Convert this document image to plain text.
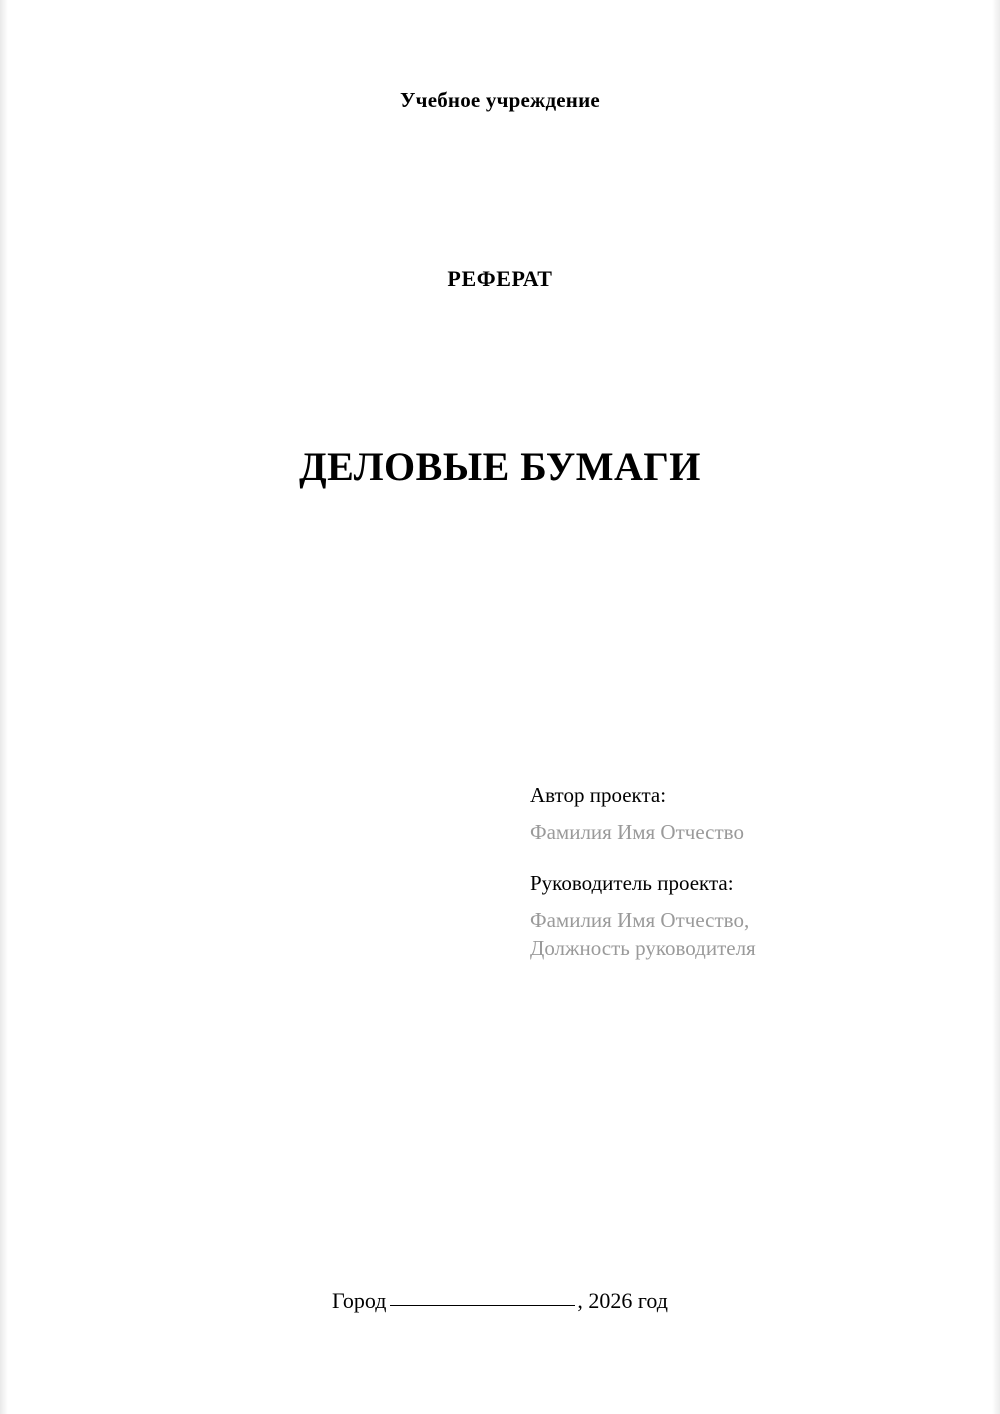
Учебное учреждение
РЕФЕРАТ
ДЕЛОВЫЕ БУМАГИ
Автор проекта:
Фамилия Имя Отчество
Руководитель проекта:
Фамилия Имя Отчество,
Должность руководителя
Город	, 2026 год
